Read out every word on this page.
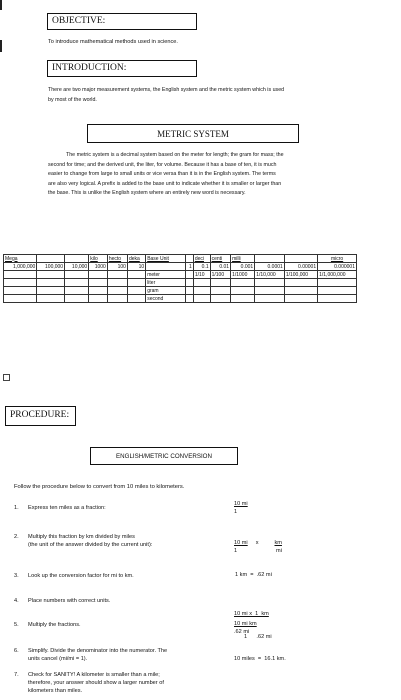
OBJECTIVE:
To introduce mathematical methods used in science.
INTRODUCTION:
There are two major measurement systems, the English system and the metric system which is used
by most of the world.
METRIC SYSTEM
The metric system is a decimal system based on the meter for length; the gram for mass; the
second for time; and the derived unit, the liter, for volume. Because it has a base of ten, it is much
easier to change from large to small units or vice versa than it is in the English system. The terms
are also very logical. A prefix is added to the base unit to indicate whether it is smaller or larger than
the base. This is unlike the English system where an entirely new word is necessary.
Mega			kilo	hecto	deka	Base Unit		deci	centi	milli			micro
1,000,000	100,000	10,000	1000	100	10		1	0.1	0.01	0.001	0.0001	0.00001	0.000001
						meter		1/10	1/100	1/1000	1/10,000	1/100,000	1/1,000,000
						liter							
						gram							
						second							
PROCEDURE:
ENGLISH/METRIC CONVERSION
Follow the procedure below to convert from 10 miles to kilometers.
1. Express ten miles as a fraction:
2. Multiply this fraction by km divided by miles
(the unit of the answer divided by the current unit):
3. Look up the conversion factor for mi to km.
4. Place numbers with correct units.
5. Multiply the fractions.
6. Simplify. Divide the denominator into the numerator. The
units cancel (mi/mi = 1).
7. Check for SANITY! A kilometer is smaller than a mile;
therefore, your answer should show a larger number of
kilometers than miles.
$\frac{10 mi}{1}$
$\frac{10 mi}{1}$ x $\frac{km}{mi}$
1 km  =  .62 mi

$\frac{\text{10 mi x  1  km}}{1 .62 mi}$

$\frac{\text{10 mi km}}{.62 mi}$
10 miles  =  16.1 km.
